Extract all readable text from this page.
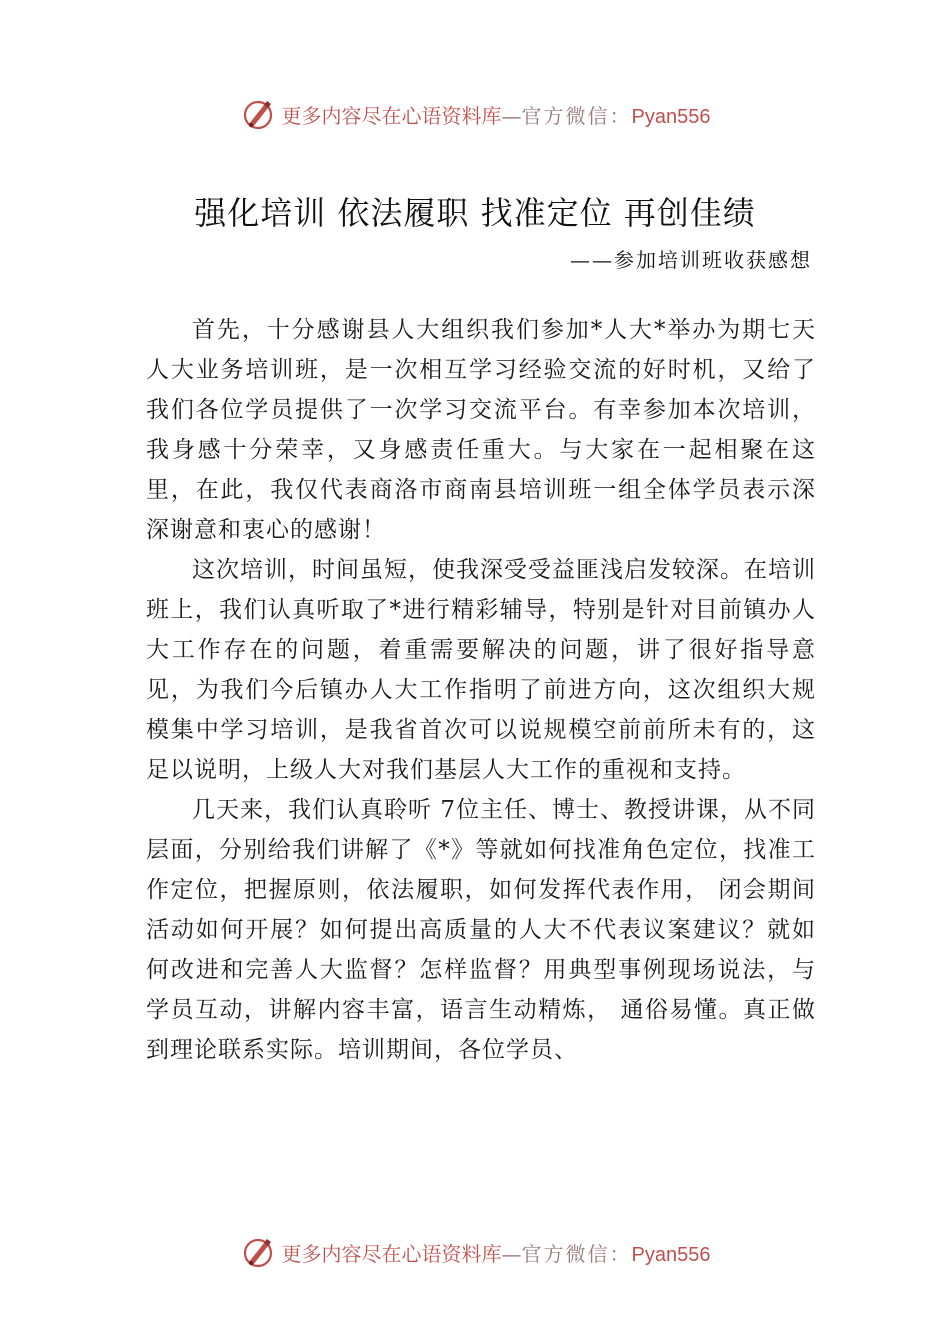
更多内容尽在心语资料库—官方微信：Pyan556
强化培训 依法履职 找准定位 再创佳绩
——参加培训班收获感想

首先，十分感谢县人大组织我们参加*人大*举办为期七天人大业务培训班，是一次相互学习经验交流的好时机，又给了我们各位学员提供了一次学习交流平台。有幸参加本次培训，我身感十分荣幸，又身感责任重大。与大家在一起相聚在这里，在此，我仅代表商洛市商南县培训班一组全体学员表示深深谢意和衷心的感谢！

这次培训，时间虽短，使我深受受益匪浅启发较深。在培训班上，我们认真听取了*进行精彩辅导，特别是针对目前镇办人大工作存在的问题，着重需要解决的问题，讲了很好指导意见，为我们今后镇办人大工作指明了前进方向，这次组织大规模集中学习培训，是我省首次可以说规模空前前所未有的，这足以说明，上级人大对我们基层人大工作的重视和支持。

几天来，我们认真聆听 7位主任、博士、教授讲课，从不同层面，分别给我们讲解了《*》等就如何找准角色定位，找准工作定位，把握原则，依法履职，如何发挥代表作用， 闭会期间活动如何开展？如何提出高质量的人大不代表议案建议？就如何改进和完善人大监督？怎样监督？用典型事例现场说法，与学员互动，讲解内容丰富，语言生动精炼， 通俗易懂。真正做到理论联系实际。培训期间，各位学员、

更多内容尽在心语资料库—官方微信：Pyan556
